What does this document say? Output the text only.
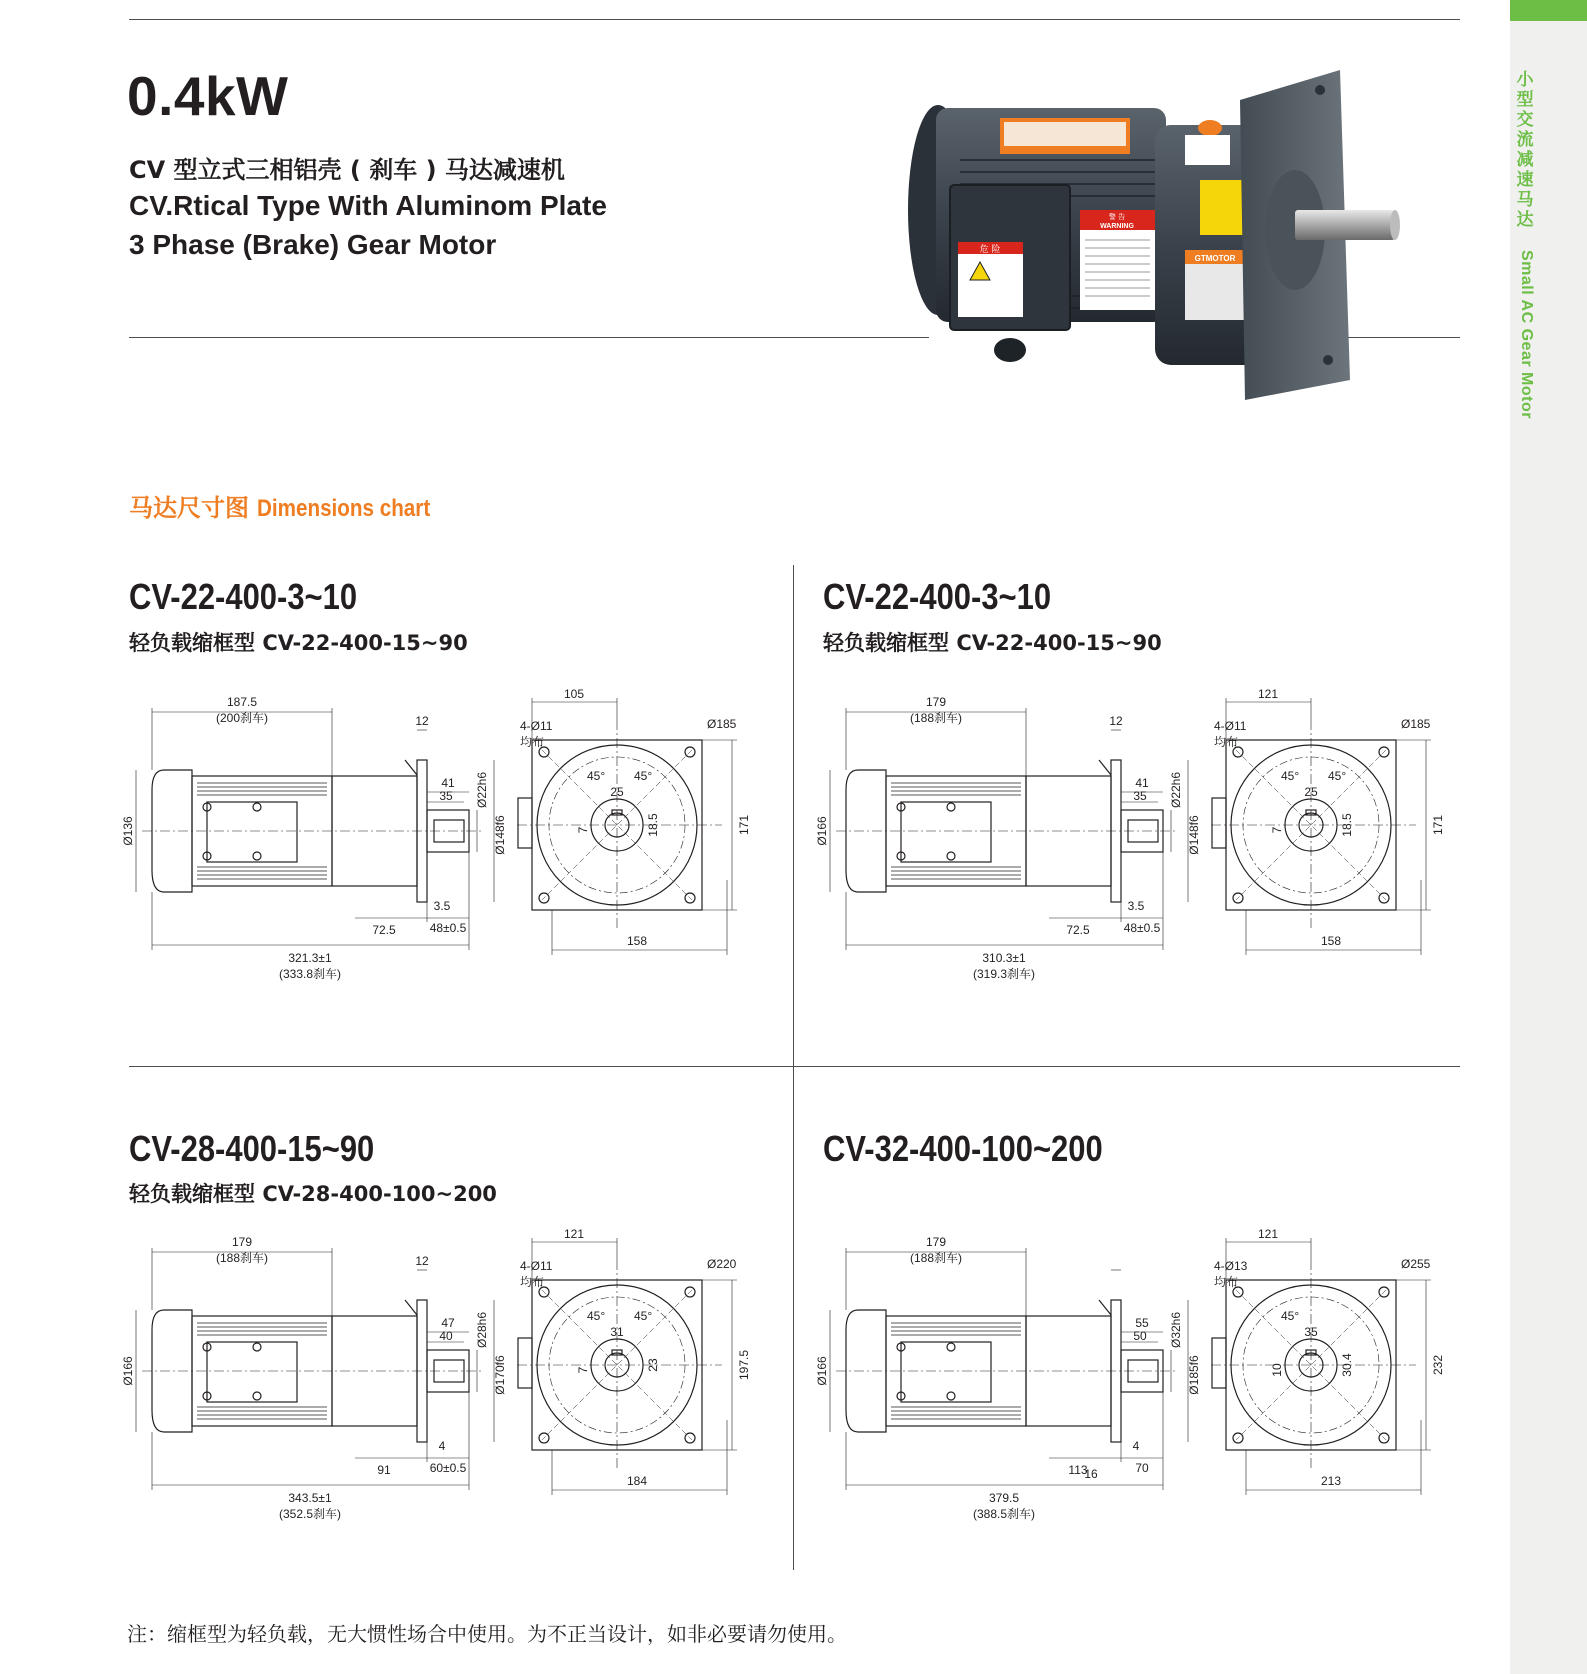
小型交流减速马达
Small AC Gear Motor
0.4kW
CV 型立式三相铝壳 ( 刹车 ) 马达减速机
CV.Rtical Type With Aluminom Plate
3 Phase (Brake) Gear Motor	危 险
警 告
WARNING
GTMOTOR
马达尺寸图 Dimensions chart
CV-22-400-3~10
轻负载缩框型 CV-22-400-15~90
CV-22-400-3~10
轻负载缩框型 CV-22-400-15~90
CV-28-400-15~90
轻负载缩框型 CV-28-400-100~200
CV-32-400-100~200
187.5
(200刹车)	12
41
35 Ø22h6
Ø148f6
Ø136
3.5
72.5	48±0.5
321.3±1
(333.8刹车)
105
4-Ø11
均布
Ø185
45° 45°
25
18.5
7	171
158
179
(188刹车)	12
41
35 Ø22h6
Ø148f6
Ø166
3.5
72.5	48±0.5
310.3±1
(319.3刹车)
121
4-Ø11
均布
Ø185
45° 45°
25
18.5
7	171
158
179
(188刹车)	12
47
40 Ø28h6
Ø170f6
Ø166
4
91	60±0.5
343.5±1
(352.5刹车)
121
4-Ø11
均布
Ø220
45° 45°
31
23
7	197.5
184
179
(188刹车)
55
50 Ø32h6
Ø185f6
Ø166
4
16
113	70
379.5
(388.5刹车)
121
4-Ø13
均布
Ø255
45°
35
30.4
10	232
213
注：缩框型为轻负载，无大惯性场合中使用。为不正当设计，如非必要请勿使用。
